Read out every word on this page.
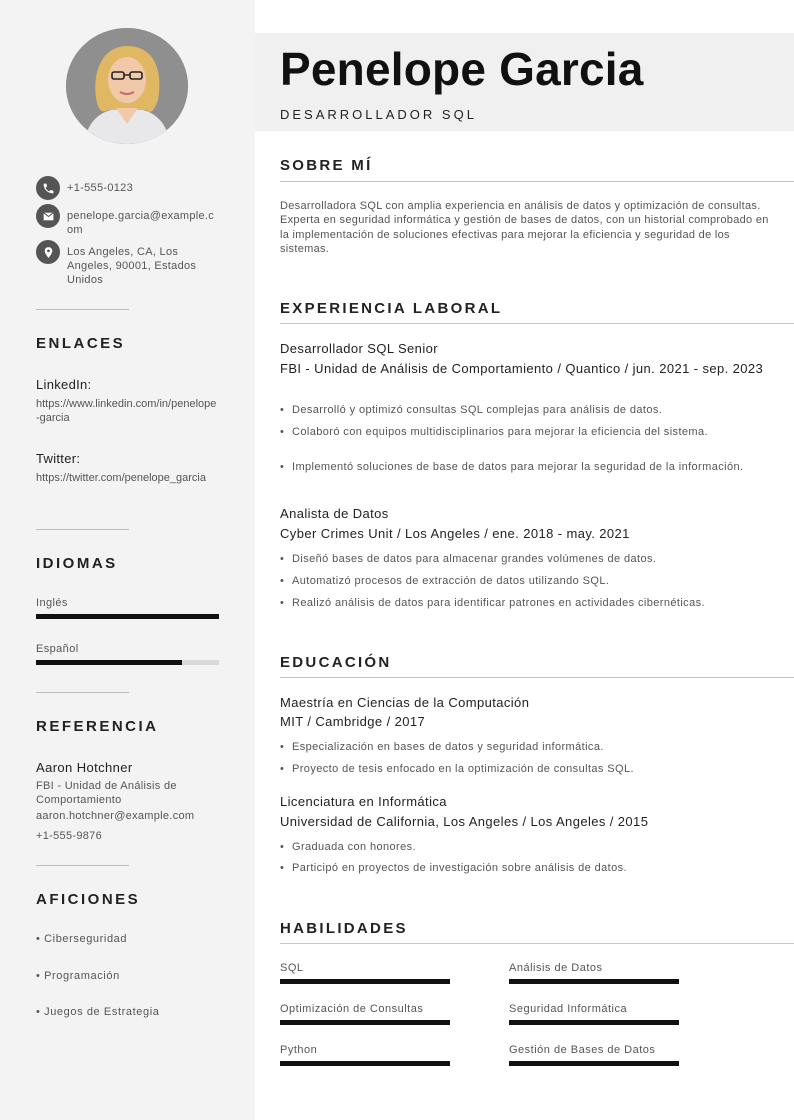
+1-555-0123
penelope.garcia@example.com
Los Angeles, CA, Los Angeles, 90001, Estados Unidos
ENLACES
LinkedIn:
https://www.linkedin.com/in/penelope-garcia
Twitter:
https://twitter.com/penelope_garcia
IDIOMAS
Inglés
Español
REFERENCIA
Aaron Hotchner
FBI - Unidad de Análisis de Comportamiento
aaron.hotchner@example.com
+1-555-9876
AFICIONES
• Ciberseguridad
• Programación
• Juegos de Estrategia
Penelope Garcia
DESARROLLADOR SQL
SOBRE MÍ
Desarrolladora SQL con amplia experiencia en análisis de datos y optimización de consultas. Experta en seguridad informática y gestión de bases de datos, con un historial comprobado en la implementación de soluciones efectivas para mejorar la eficiencia y seguridad de los sistemas.
EXPERIENCIA LABORAL
Desarrollador SQL Senior
FBI - Unidad de Análisis de Comportamiento / Quantico / jun. 2021 - sep. 2023
• Desarrolló y optimizó consultas SQL complejas para análisis de datos.
• Colaboró con equipos multidisciplinarios para mejorar la eficiencia del sistema.
• Implementó soluciones de base de datos para mejorar la seguridad de la información.
Analista de Datos
Cyber Crimes Unit / Los Angeles / ene. 2018 - may. 2021
• Diseñó bases de datos para almacenar grandes volúmenes de datos.
• Automatizó procesos de extracción de datos utilizando SQL.
• Realizó análisis de datos para identificar patrones en actividades cibernéticas.
EDUCACIÓN
Maestría en Ciencias de la Computación
MIT / Cambridge / 2017
• Especialización en bases de datos y seguridad informática.
• Proyecto de tesis enfocado en la optimización de consultas SQL.
Licenciatura en Informática
Universidad de California, Los Angeles / Los Angeles / 2015
• Graduada con honores.
• Participó en proyectos de investigación sobre análisis de datos.
HABILIDADES
SQL	Análisis de Datos
Optimización de Consultas	Seguridad Informática
Python	Gestión de Bases de Datos
